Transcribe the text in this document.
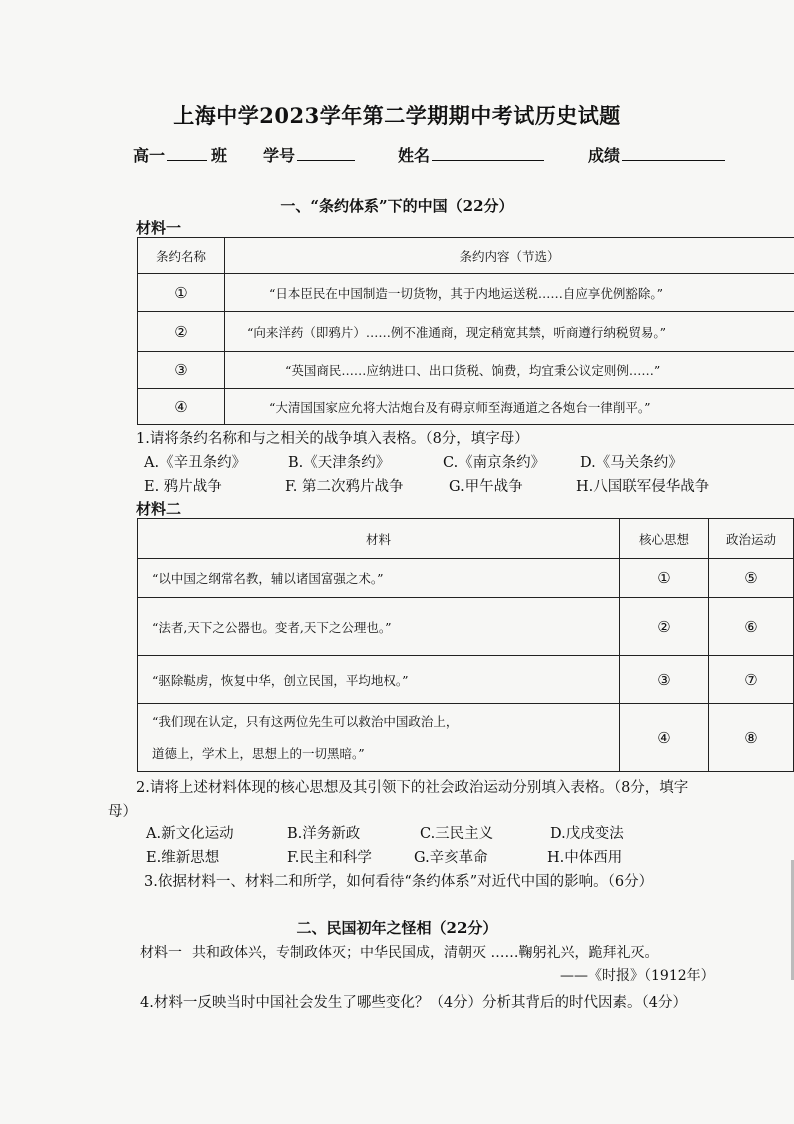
上海中学2023学年第二学期期中考试历史试题
高一	班 学号	姓名	成绩
一、“条约体系”下的中国（22分）
材料一
条约名称	条约内容（节选）
①	“日本臣民在中国制造一切货物，其于内地运送税……自应享优例豁除。”
②	“向来洋药（即鸦片）……例不准通商，现定稍宽其禁，听商遵行纳税贸易。”
③	“英国商民……应纳进口、出口货税、饷费，均宜秉公议定则例……”
④	“大清国国家应允将大沽炮台及有碍京师至海通道之各炮台一律削平。”
1.请将条约名称和与之相关的战争填入表格。（8分，填字母）
A.《辛丑条约》	B.《天津条约》	C.《南京条约》 D.《马关条约》
E. 鸦片战争	F. 第二次鸦片战争	G.甲午战争	H.八国联军侵华战争
材料二
材料	核心思想	政治运动
“以中国之纲常名教，辅以诸国富强之术。”	①	⑤
“法者,天下之公器也。变者,天下之公理也。”	②	⑥
“驱除鞑虏，恢复中华，创立民国，平均地权。”	③	⑦

“我们现在认定，只有这两位先生可以救治中国政治上，
道德上，学术上，思想上的一切黑暗。”	④	⑧
2.请将上述材料体现的核心思想及其引领下的社会政治运动分别填入表格。（8分，填字
母）
A.新文化运动	B.洋务新政	C.三民主义	D.戊戌变法
E.维新思想	F.民主和科学	G.辛亥革命	H.中体西用
3.依据材料一、材料二和所学，如何看待“条约体系”对近代中国的影响。（6分）
二、民国初年之怪相（22分）
材料一 共和政体兴，专制政体灭；中华民国成，清朝灭 ……鞠躬礼兴，跪拜礼灭。
——《时报》（1912年）
4.材料一反映当时中国社会发生了哪些变化？（4分）分析其背后的时代因素。（4分）
